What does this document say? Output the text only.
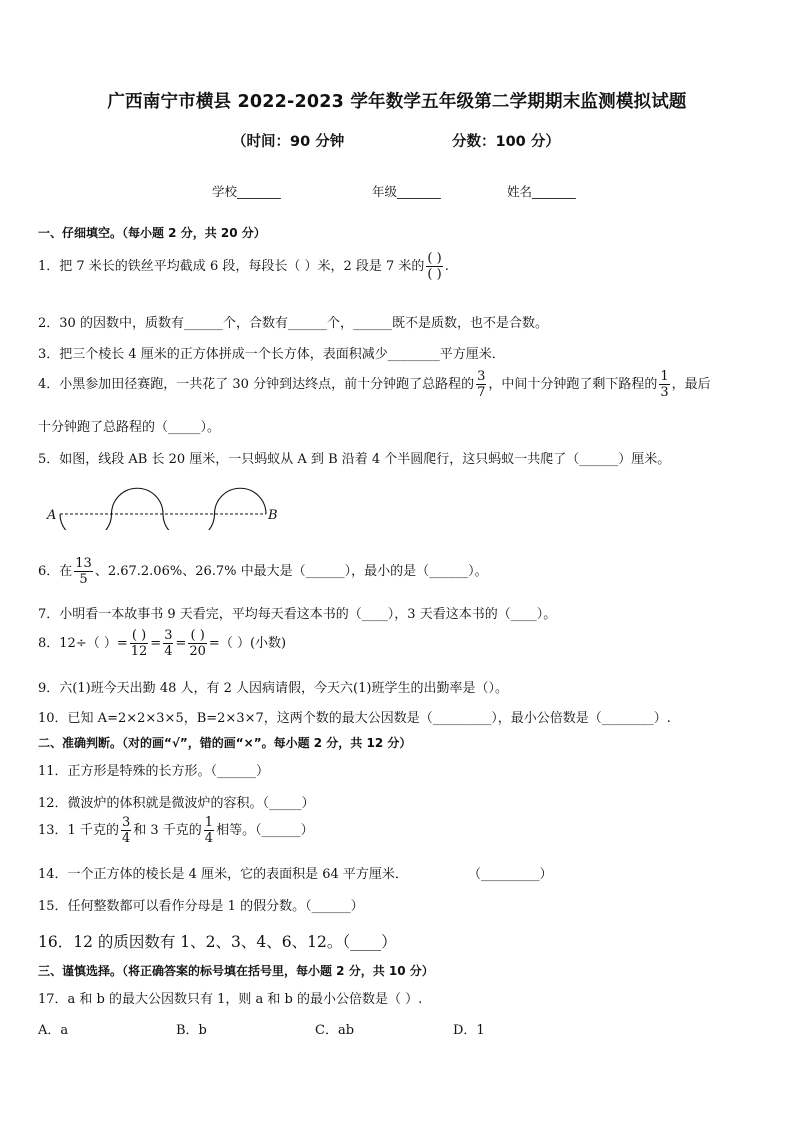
广西南宁市横县 2022-2023 学年数学五年级第二学期期末监测模拟试题
（时间：90 分钟	分数：100 分）
学校_______	年级_______	姓名_______
一、仔细填空。（每小题 2 分，共 20 分）
1．把 7 米长的铁丝平均截成 6 段，每段长（ ）米，2 段是 7 米的 $\frac{( )}{( )}$ .
2．30 的因数中，质数有______个，合数有______个，______既不是质数，也不是合数。
3．把三个棱长 4 厘米的正方体拼成一个长方体，表面积减少________平方厘米．
4．小黑参加田径赛跑，一共花了 30 分钟到达终点，前十分钟跑了总路程的 $\frac{3}{7}$ ，中间十分钟跑了剩下路程的 $\frac{1}{3}$ ，最后
十分钟跑了总路程的（_____）。
5．如图，线段 AB 长 20 厘米，一只蚂蚁从 A 到 B 沿着 4 个半圆爬行，这只蚂蚁一共爬了（______）厘米。
A	B
6．在 $\frac{13}{5}$ 、2.67.2.06%、26.7% 中最大是（______），最小的是（______）。
7．小明看一本故事书 9 天看完，平均每天看这本书的（____），3 天看这本书的（____）。
8．12÷（ ）= $\frac{( )}{12} = \frac{3}{4} = \frac{( )}{20}$ =（ ）(小数)
9．六(1)班今天出勤 48 人，有 2 人因病请假，今天六(1)班学生的出勤率是（）。
10．已知 A=2×2×3×5，B=2×3×7，这两个数的最大公因数是（_________），最小公倍数是（________）.
二、准确判断。（对的画“√”，错的画“×”。每小题 2 分，共 12 分）
11．正方形是特殊的长方形。（______）
12．微波炉的体积就是微波炉的容积。（_____）
13．1 千克的 $\frac{3}{4}$ 和 3 千克的 $\frac{1}{4}$ 相等。（______）
14．一个正方体的棱长是 4 厘米，它的表面积是 64 平方厘米．	（_________）
15．任何整数都可以看作分母是 1 的假分数。（______）
16．12 的质因数有 1、2、3、4、6、12。（____）
三、谨慎选择。（将正确答案的标号填在括号里，每小题 2 分，共 10 分）
17．a 和 b 的最大公因数只有 1，则 a 和 b 的最小公倍数是（ ）.
A．a	B．b	C．ab	D．1
